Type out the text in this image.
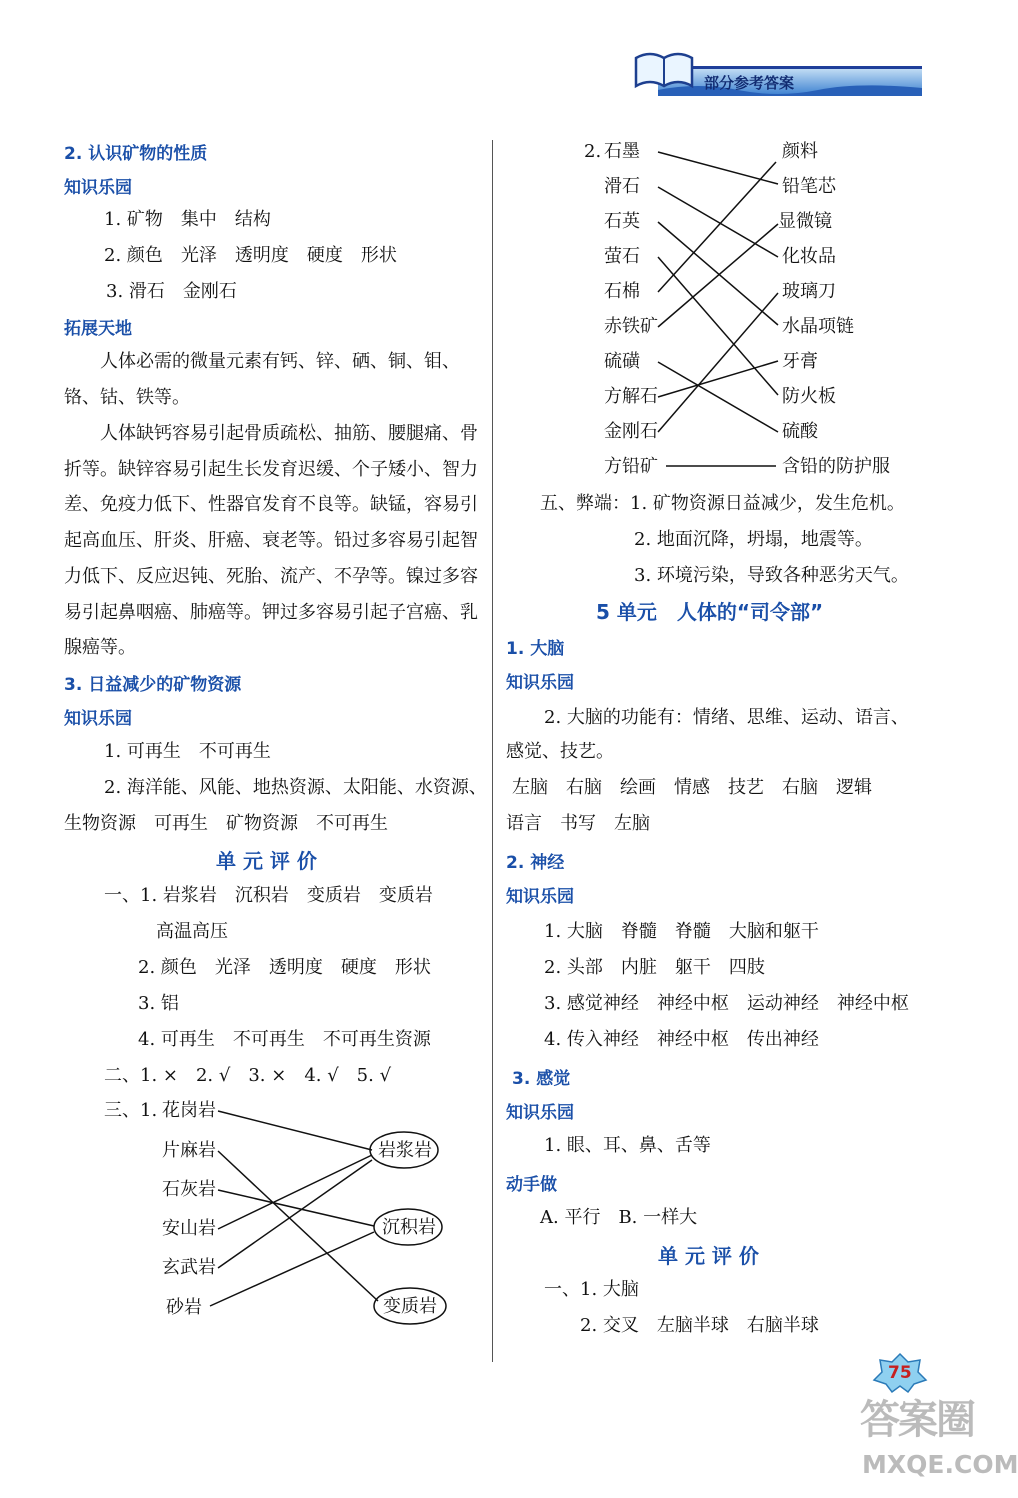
部分参考答案
2. 认识矿物的性质
知识乐园
1. 矿物　集中　结构
2. 颜色　光泽　透明度　硬度　形状
3. 滑石　金刚石
拓展天地
人体必需的微量元素有钙、锌、硒、铜、钼、铬、钴、铁等。
人体缺钙容易引起骨质疏松、抽筋、腰腿痛、骨折等。缺锌容易引起生长发育迟缓、个子矮小、智力差、免疫力低下、性器官发育不良等。缺锰，容易引起高血压、肝炎、肝癌、衰老等。铅过多容易引起智力低下、反应迟钝、死胎、流产、不孕等。镍过多容易引起鼻咽癌、肺癌等。钾过多容易引起子宫癌、乳腺癌等。
3. 日益减少的矿物资源
知识乐园
1. 可再生　不可再生
2. 海洋能、风能、地热资源、太阳能、水资源、
生物资源　可再生　矿物资源　不可再生
单 元 评 价
一、1. 岩浆岩　沉积岩　变质岩　变质岩
高温高压
2. 颜色　光泽　透明度　硬度　形状
3. 铝
4. 可再生　不可再生　不可再生资源
二、1. ×　2. √　3. ×　4. √　5. √
三、1. 花岗岩
片麻岩
石灰岩
安山岩
玄武岩
砂岩
岩浆岩
沉积岩
变质岩
2. 石墨
滑石
石英
萤石
石棉
赤铁矿
硫磺
方解石
金刚石
方铅矿
颜料
铅笔芯
显微镜
化妆品
玻璃刀
水晶项链
牙膏
防火板
硫酸
含铅的防护服
五、弊端：1. 矿物资源日益减少，发生危机。
2. 地面沉降，坍塌，地震等。
3. 环境污染，导致各种恶劣天气。
5 单元　人体的“司令部”
1. 大脑
知识乐园
2. 大脑的功能有：情绪、思维、运动、语言、
感觉、技艺。
左脑　右脑　绘画　情感　技艺　右脑　逻辑
语言　书写　左脑
2. 神经
知识乐园
1. 大脑　脊髓　脊髓　大脑和躯干
2. 头部　内脏　躯干　四肢
3. 感觉神经　神经中枢　运动神经　神经中枢
4. 传入神经　神经中枢　传出神经
3. 感觉
知识乐园
1. 眼、耳、鼻、舌等
动手做
A. 平行　B. 一样大
单 元 评 价
一、1. 大脑
2. 交叉　左脑半球　右脑半球
75
答案圈
MXQE.COM
